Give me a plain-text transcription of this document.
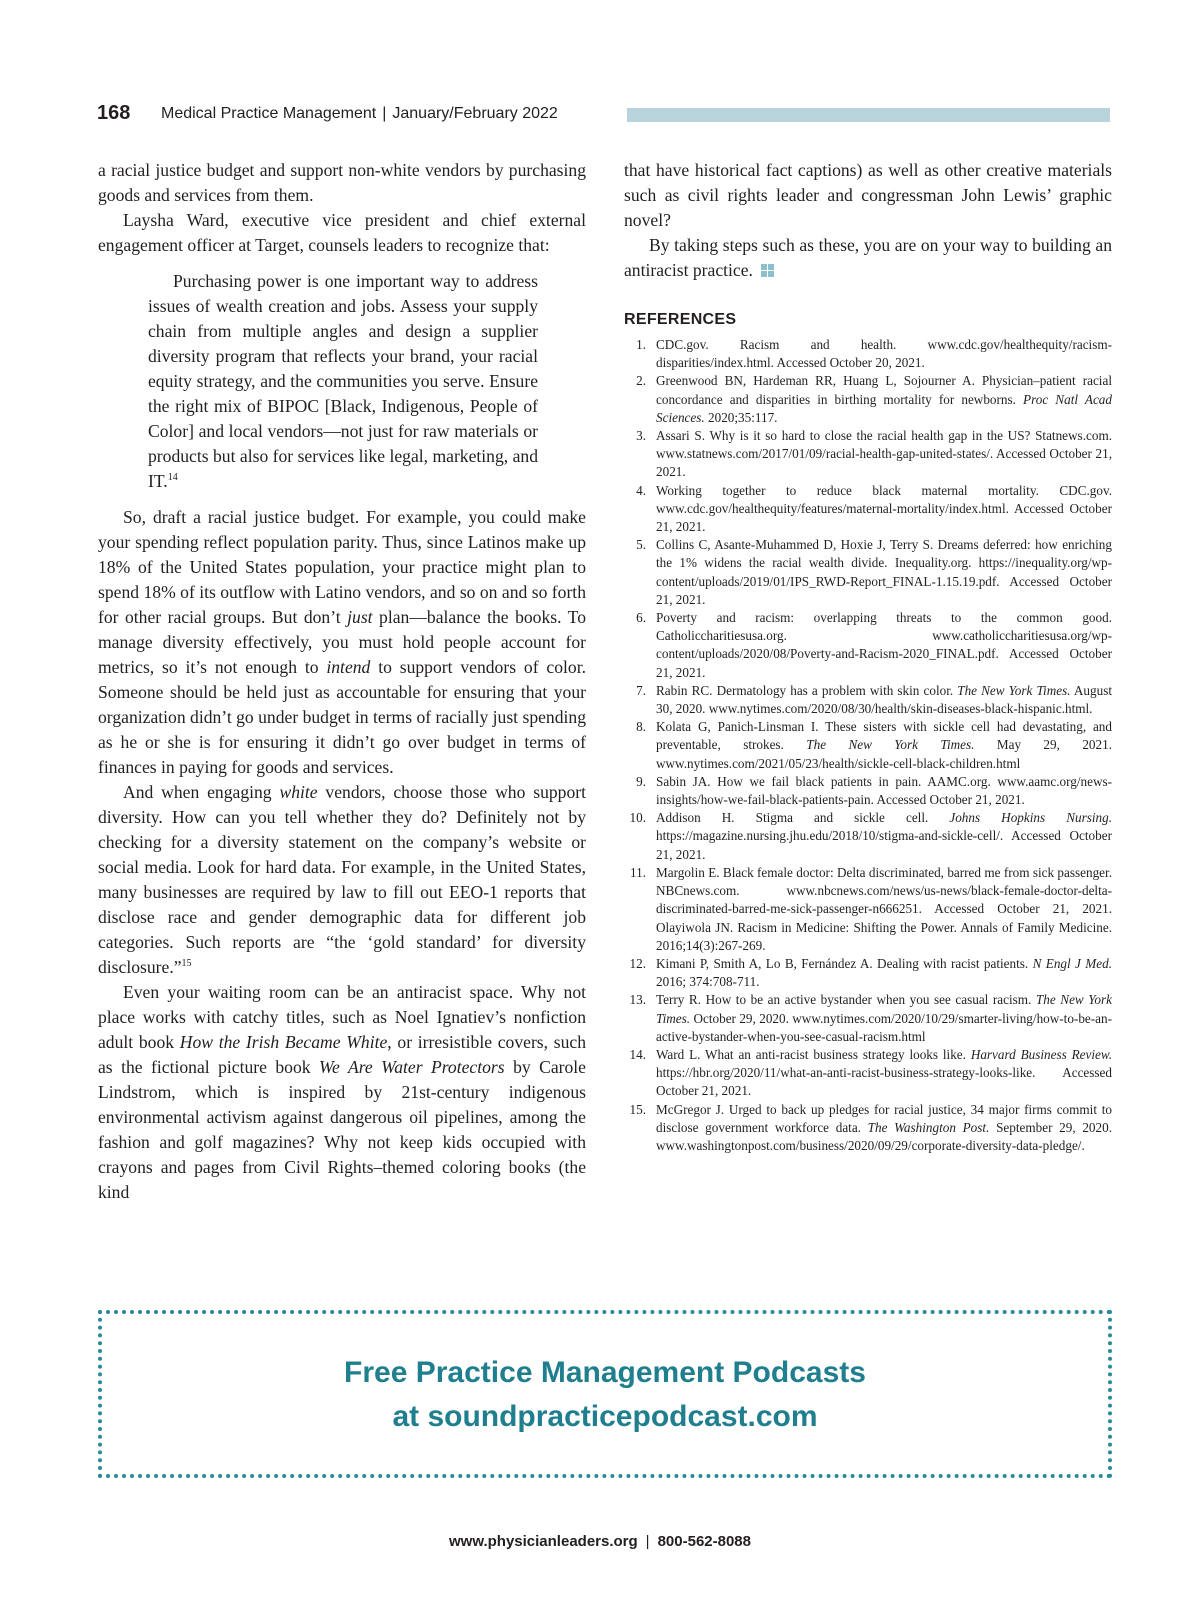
168 Medical Practice Management | January/February 2022

a racial justice budget and support non-white vendors by purchasing goods and services from them.

Laysha Ward, executive vice president and chief external engagement officer at Target, counsels leaders to recognize that:

Purchasing power is one important way to address issues of wealth creation and jobs. Assess your supply chain from multiple angles and design a supplier diversity program that reflects your brand, your racial equity strategy, and the communities you serve. Ensure the right mix of BIPOC [Black, Indigenous, People of Color] and local vendors—not just for raw materials or products but also for services like legal, marketing, and IT.$^{14}$

So, draft a racial justice budget. For example, you could make your spending reflect population parity. Thus, since Latinos make up 18% of the United States population, your practice might plan to spend 18% of its outflow with Latino vendors, and so on and so forth for other racial groups. But don’t just plan—balance the books. To manage diversity effectively, you must hold people account for metrics, so it’s not enough to intend to support vendors of color. Someone should be held just as accountable for ensuring that your organization didn’t go under budget in terms of racially just spending as he or she is for ensuring it didn’t go over budget in terms of finances in paying for goods and services.

And when engaging white vendors, choose those who support diversity. How can you tell whether they do? Definitely not by checking for a diversity statement on the company’s website or social media. Look for hard data. For example, in the United States, many businesses are required by law to fill out EEO-1 reports that disclose race and gender demographic data for different job categories. Such reports are “the ‘gold standard’ for diversity disclosure.”$^{15}$

Even your waiting room can be an antiracist space. Why not place works with catchy titles, such as Noel Ignatiev’s nonfiction adult book How the Irish Became White, or irresistible covers, such as the fictional picture book We Are Water Protectors by Carole Lindstrom, which is inspired by 21st-century indigenous environmental activism against dangerous oil pipelines, among the fashion and golf magazines? Why not keep kids occupied with crayons and pages from Civil Rights–themed coloring books (the kind

that have historical fact captions) as well as other creative materials such as civil rights leader and congressman John Lewis’ graphic novel?

By taking steps such as these, you are on your way to building an antiracist practice.

REFERENCES
1. CDC.gov. Racism and health. www.cdc.gov/healthequity/racism-disparities/index.html. Accessed October 20, 2021.
2. Greenwood BN, Hardeman RR, Huang L, Sojourner A. Physician–patient racial concordance and disparities in birthing mortality for newborns. Proc Natl Acad Sciences. 2020;35:117.
3. Assari S. Why is it so hard to close the racial health gap in the US? Statnews.com. www.statnews.com/2017/01/09/racial-health-gap-united-states/. Accessed October 21, 2021.
4. Working together to reduce black maternal mortality. CDC.gov. www.cdc.gov/healthequity/features/maternal-mortality/index.html. Accessed October 21, 2021.
5. Collins C, Asante-Muhammed D, Hoxie J, Terry S. Dreams deferred: how enriching the 1% widens the racial wealth divide. Inequality.org. https://inequality.org/wp-content/uploads/2019/01/IPS_RWD-Report_FINAL-1.15.19.pdf. Accessed October 21, 2021.
6. Poverty and racism: overlapping threats to the common good. Catholiccharitiesusa.org. www.catholiccharitiesusa.org/wp-content/uploads/2020/08/Poverty-and-Racism-2020_FINAL.pdf. Accessed October 21, 2021.
7. Rabin RC. Dermatology has a problem with skin color. The New York Times. August 30, 2020. www.nytimes.com/2020/08/30/health/skin-diseases-black-hispanic.html.
8. Kolata G, Panich-Linsman I. These sisters with sickle cell had devastating, and preventable, strokes. The New York Times. May 29, 2021. www.nytimes.com/2021/05/23/health/sickle-cell-black-children.html
9. Sabin JA. How we fail black patients in pain. AAMC.org. www.aamc.org/news-insights/how-we-fail-black-patients-pain. Accessed October 21, 2021.
10. Addison H. Stigma and sickle cell. Johns Hopkins Nursing. https://magazine.nursing.jhu.edu/2018/10/stigma-and-sickle-cell/. Accessed October 21, 2021.
11. Margolin E. Black female doctor: Delta discriminated, barred me from sick passenger. NBCnews.com. www.nbcnews.com/news/us-news/black-female-doctor-delta-discriminated-barred-me-sick-passenger-n666251. Accessed October 21, 2021. Olayiwola JN. Racism in Medicine: Shifting the Power. Annals of Family Medicine. 2016;14(3):267-269.
12. Kimani P, Smith A, Lo B, Fernández A. Dealing with racist patients. N Engl J Med. 2016; 374:708-711.
13. Terry R. How to be an active bystander when you see casual racism. The New York Times. October 29, 2020. www.nytimes.com/2020/10/29/smarter-living/how-to-be-an-active-bystander-when-you-see-casual-racism.html
14. Ward L. What an anti-racist business strategy looks like. Harvard Business Review. https://hbr.org/2020/11/what-an-anti-racist-business-strategy-looks-like. Accessed October 21, 2021.
15. McGregor J. Urged to back up pledges for racial justice, 34 major firms commit to disclose government workforce data. The Washington Post. September 29, 2020. www.washingtonpost.com/business/2020/09/29/corporate-diversity-data-pledge/.
Free Practice Management Podcasts
at soundpracticepodcast.com
www.physicianleaders.org | 800-562-8088
